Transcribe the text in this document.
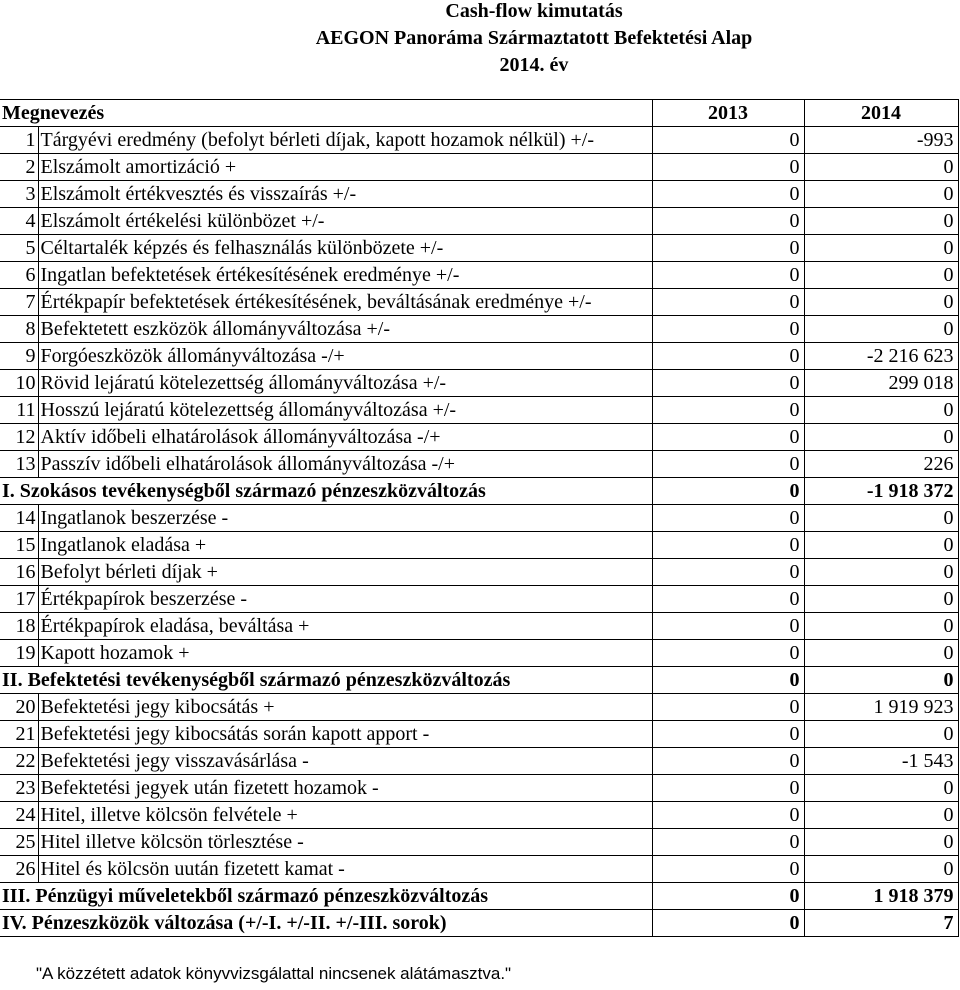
Cash-flow kimutatás
AEGON Panoráma Származtatott Befektetési Alap
2014. év
Megnevezés		2013	2014
1	Tárgyévi eredmény (befolyt bérleti díjak, kapott hozamok nélkül) +/-	0	-993
2	Elszámolt amortizáció +	0	0
3	Elszámolt értékvesztés és visszaírás +/-	0	0
4	Elszámolt értékelési különbözet +/-	0	0
5	Céltartalék képzés és felhasználás különbözete +/-	0	0
6	Ingatlan befektetések értékesítésének eredménye +/-	0	0
7	Értékpapír befektetések értékesítésének, beváltásának eredménye +/-	0	0
8	Befektetett eszközök állományváltozása +/-	0	0
9	Forgóeszközök állományváltozása -/+	0	-2 216 623
10	Rövid lejáratú kötelezettség állományváltozása +/-	0	299 018
11	Hosszú lejáratú kötelezettség állományváltozása +/-	0	0
12	Aktív időbeli elhatárolások állományváltozása -/+	0	0
13	Passzív időbeli elhatárolások állományváltozása -/+	0	226
I. Szokásos tevékenységből származó pénzeszközváltozás		0	-1 918 372
14	Ingatlanok beszerzése -	0	0
15	Ingatlanok eladása +	0	0
16	Befolyt bérleti díjak +	0	0
17	Értékpapírok beszerzése -	0	0
18	Értékpapírok eladása, beváltása +	0	0
19	Kapott hozamok +	0	0
II. Befektetési tevékenységből származó pénzeszközváltozás		0	0
20	Befektetési jegy kibocsátás +	0	1 919 923
21	Befektetési jegy kibocsátás során kapott apport -	0	0
22	Befektetési jegy visszavásárlása -	0	-1 543
23	Befektetési jegyek után fizetett hozamok -	0	0
24	Hitel, illetve kölcsön felvétele +	0	0
25	Hitel illetve kölcsön törlesztése -	0	0
26	Hitel és kölcsön uután fizetett kamat -	0	0
III. Pénzügyi műveletekből származó pénzeszközváltozás		0	1 918 379
IV. Pénzeszközök változása (+/-I. +/-II. +/-III. sorok)		0	7
"A közzétett adatok könyvvizsgálattal nincsenek alátámasztva."
